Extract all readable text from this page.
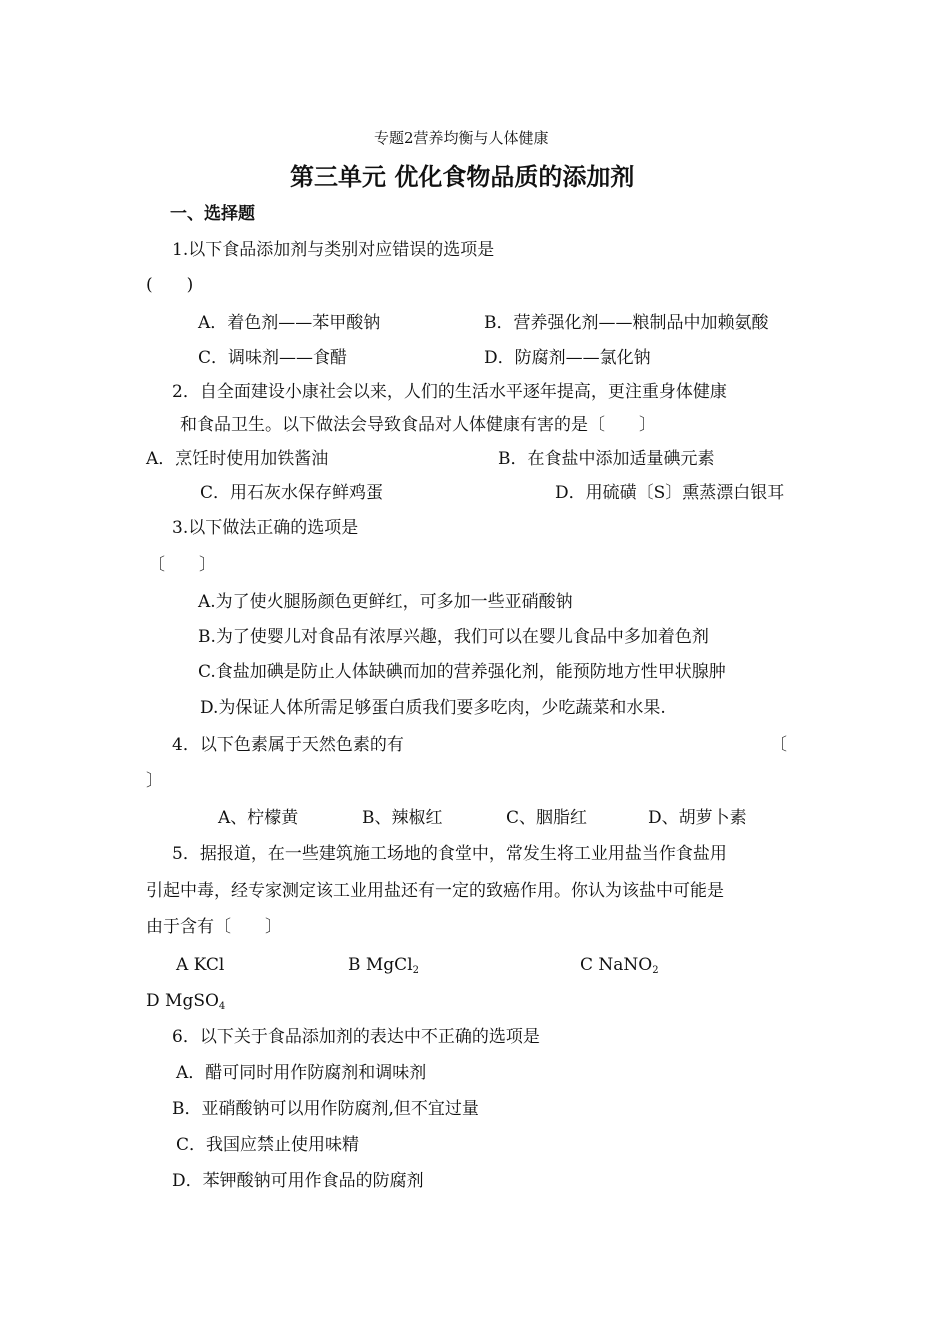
专题2营养均衡与人体健康
第三单元 优化食物品质的添加剂
一、选择题
1.以下食品添加剂与类别对应错误的选项是
(　　)
A．着色剂——苯甲酸钠	B．营养强化剂——粮制品中加赖氨酸
C．调味剂——食醋	D．防腐剂——氯化钠
2．自全面建设小康社会以来，人们的生活水平逐年提高，更注重身体健康
和食品卫生。以下做法会导致食品对人体健康有害的是〔　　〕
A．烹饪时使用加铁酱油	B．在食盐中添加适量碘元素
C．用石灰水保存鲜鸡蛋	D．用硫磺〔S〕熏蒸漂白银耳
3.以下做法正确的选项是
〔　　〕
A.为了使火腿肠颜色更鲜红，可多加一些亚硝酸钠
B.为了使婴儿对食品有浓厚兴趣，我们可以在婴儿食品中多加着色剂
C.食盐加碘是防止人体缺碘而加的营养强化剂，能预防地方性甲状腺肿
D.为保证人体所需足够蛋白质我们要多吃肉，少吃蔬菜和水果.
4．以下色素属于天然色素的有	〔
〕
A、柠檬黄	B、辣椒红	C、胭脂红	D、胡萝卜素
5．据报道，在一些建筑施工场地的食堂中，常发生将工业用盐当作食盐用
引起中毒，经专家测定该工业用盐还有一定的致癌作用。你认为该盐中可能是
由于含有〔　　〕
A KCl	B MgCl$_2$	C NaNO$_2$
D MgSO$_4$
6．以下关于食品添加剂的表达中不正确的选项是
A．醋可同时用作防腐剂和调味剂
B．亚硝酸钠可以用作防腐剂,但不宜过量
C．我国应禁止使用味精
D．苯钾酸钠可用作食品的防腐剂
